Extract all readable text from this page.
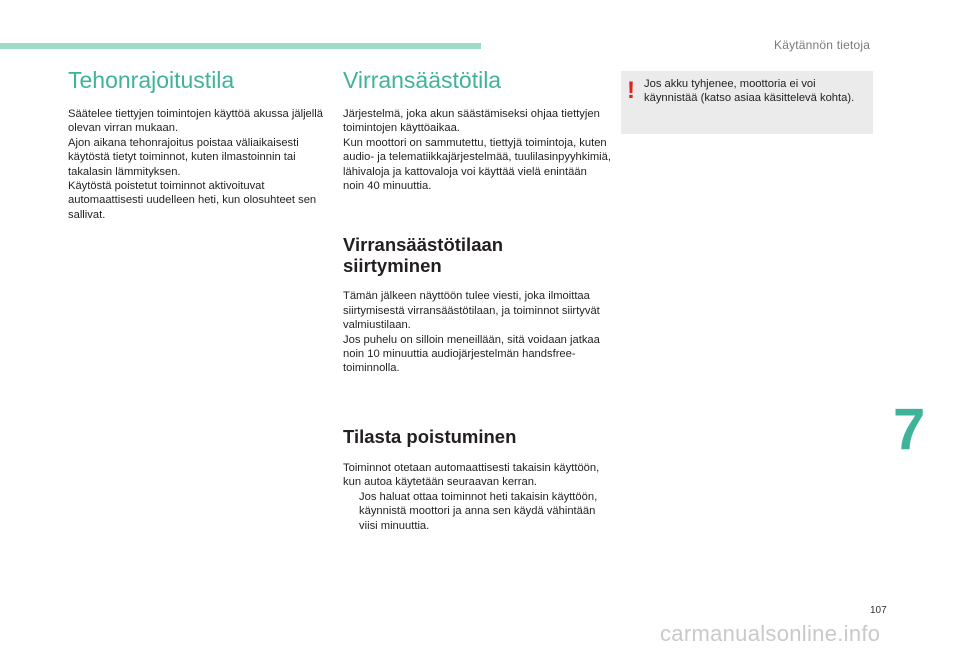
Käytännön tietoja
Tehonrajoitustila

Säätelee tiettyjen toimintojen käyttöä akussa jäljellä olevan virran mukaan.

Ajon aikana tehonrajoitus poistaa väliaikaisesti käytöstä tietyt toiminnot, kuten ilmastoinnin tai takalasin lämmityksen.

Käytöstä poistetut toiminnot aktivoituvat automaattisesti uudelleen heti, kun olosuhteet sen sallivat.

Virransäästötila

Järjestelmä, joka akun säästämiseksi ohjaa tiettyjen toimintojen käyttöaikaa.

Kun moottori on sammutettu, tiettyjä toimintoja, kuten audio- ja telematiikkajärjestelmää, tuulilasinpyyhkimiä, lähivaloja ja kattovaloja voi käyttää vielä enintään noin 40 minuuttia.

Virransäästötilaan
siirtyminen

Tämän jälkeen näyttöön tulee viesti, joka ilmoittaa siirtymisestä virransäästötilaan, ja toiminnot siirtyvät valmiustilaan.

Jos puhelu on silloin meneillään, sitä voidaan jatkaa noin 10 minuuttia audiojärjestelmän handsfree-toiminnolla.

Tilasta poistuminen

Toiminnot otetaan automaattisesti takaisin käyttöön, kun autoa käytetään seuraavan kerran.

Jos haluat ottaa toiminnot heti takaisin käyttöön, käynnistä moottori ja anna sen käydä vähintään viisi minuuttia.
! Jos akku tyhjenee, moottoria ei voi käynnistää (katso asiaa käsittelevä kohta).
7
107
carmanualsonline.info
